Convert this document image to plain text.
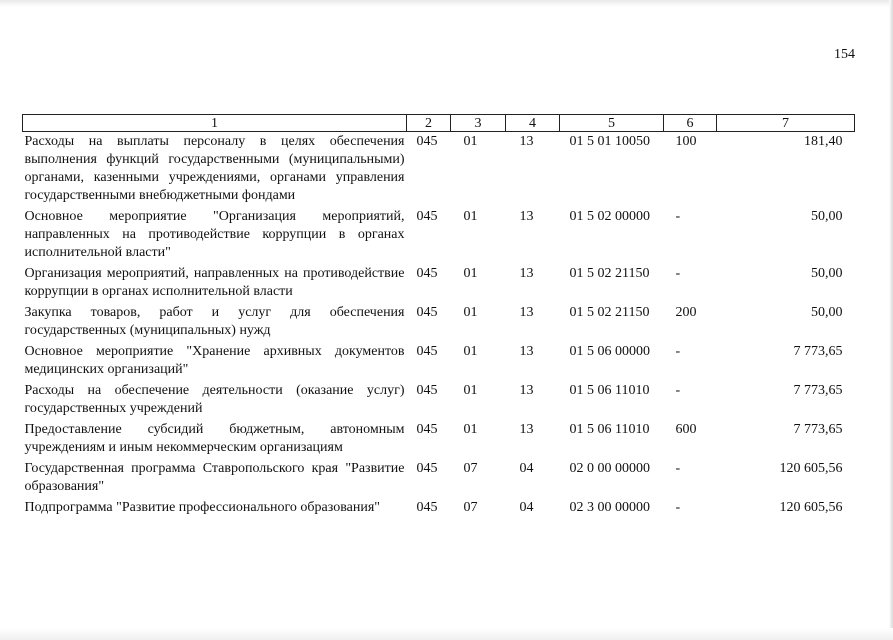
154
1	2	3	4	5	6	7
Расходы на выплаты персоналу в целях обеспечения выполнения функций государственными (муниципальными) органами, казенными учреждениями, органами управления государственными внебюджетными фондами	045	01	13	01 5 01 10050	100	181,40
Основное мероприятие "Организация мероприятий, направленных на противодействие коррупции в органах исполнительной власти"	045	01	13	01 5 02 00000	-	50,00
Организация мероприятий, направленных на противодействие коррупции в органах исполнительной власти	045	01	13	01 5 02 21150	-	50,00
Закупка товаров, работ и услуг для обеспечения государственных (муниципальных) нужд	045	01	13	01 5 02 21150	200	50,00
Основное мероприятие "Хранение архивных документов медицинских организаций"	045	01	13	01 5 06 00000	-	7 773,65
Расходы на обеспечение деятельности (оказание услуг) государственных учреждений	045	01	13	01 5 06 11010	-	7 773,65
Предоставление субсидий бюджетным, автономным учреждениям и иным некоммерческим организациям	045	01	13	01 5 06 11010	600	7 773,65
Государственная программа Ставропольского края "Развитие образования"	045	07	04	02 0 00 00000	-	120 605,56
Подпрограмма "Развитие профессионального образования"	045	07	04	02 3 00 00000	-	120 605,56
